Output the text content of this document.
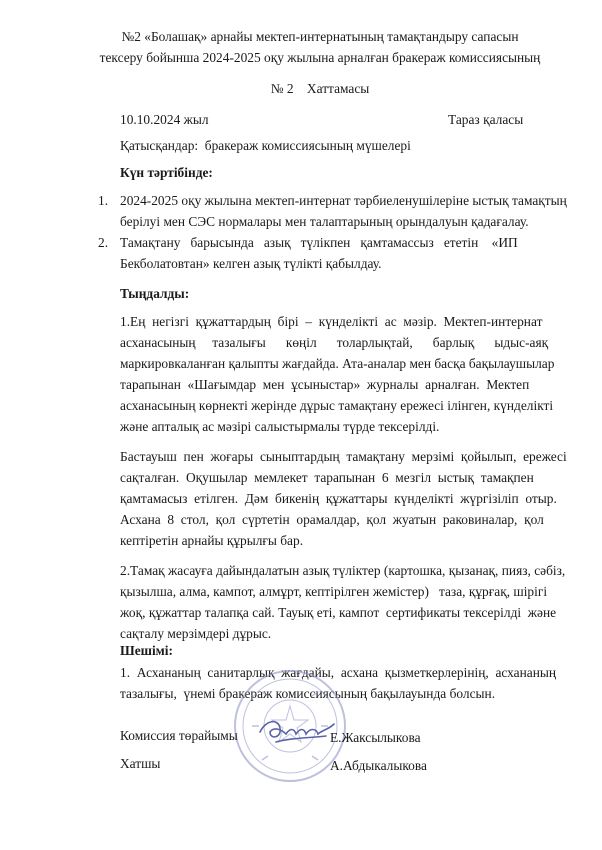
№2 «Болашақ» арнайы мектеп-интернатының тамақтандыру сапасын
тексеру бойынша 2024-2025 оқу жылына арналған бракераж комиссиясының
№ 2    Хаттамасы
10.10.2024 жыл	Тараз қаласы
Қатысқандар:  бракераж комиссиясының мүшелері
Күн тәртібінде:
1. 2024-2025 оқу жылына мектеп-интернат тәрбиеленушілеріне ыстық тамақтың
берілуі мен СЭС нормалары мен талаптарының орындалуын қадағалау.
2. Тамақтану   барысында   азық   түлікпен   қамтамассыз   ететін    «ИП
Бекболатовтан» келген азық түлікті қабылдау.
Тыңдалды:
1.Ең  негізгі  құжаттардың  бірі  –  күнделікті  ас  мәзір.  Мектеп-интернат
асханасының     тазалығы      көңіл      толарлықтай,      барлық      ыдыс-аяқ
маркировкаланған қалыпты жағдайда. Ата-аналар мен басқа бақылаушылар
тарапынан  «Шағымдар  мен  ұсыныстар»  журналы  арналған.  Мектеп
асханасының көрнекті жерінде дұрыс тамақтану ережесі ілінген, күнделікті
және апталық ас мәзірі салыстырмалы түрде тексерілді.
Бастауыш  пен  жоғары  сыныптардың  тамақтану  мерзімі  қойылып,  ережесі
сақталған.  Оқушылар  мемлекет  тарапынан  6  мезгіл  ыстық  тамақпен
қамтамасыз  етілген.  Дәм  бикенің  құжаттары  күнделікті  жүргізіліп  отыр.
Асхана  8  стол,  қол  сүртетін  орамалдар,  қол  жуатын  раковиналар,  қол
кептіретін арнайы құрылғы бар.
2.Тамақ жасауға дайындалатын азық түліктер (картошка, қызанақ, пияз, сәбіз,
қызылша, алма, кампот, алмұрт, кептірілген жемістер)   таза, құрғақ, шірігі
жоқ, құжаттар талапқа сай. Тауық еті, кампот  сертификаты тексерілді  және
сақталу мерзімдері дұрыс.
Шешімі:
1.  Асхананың  санитарлық  жағдайы,  асхана  қызметкерлерінің,  асхананың
тазалығы,  үнемі бракераж комиссиясының бақылауында болсын.
Комиссия төрайымы	Е.Жаксылыкова
Хатшы	А.Абдыкалыкова
